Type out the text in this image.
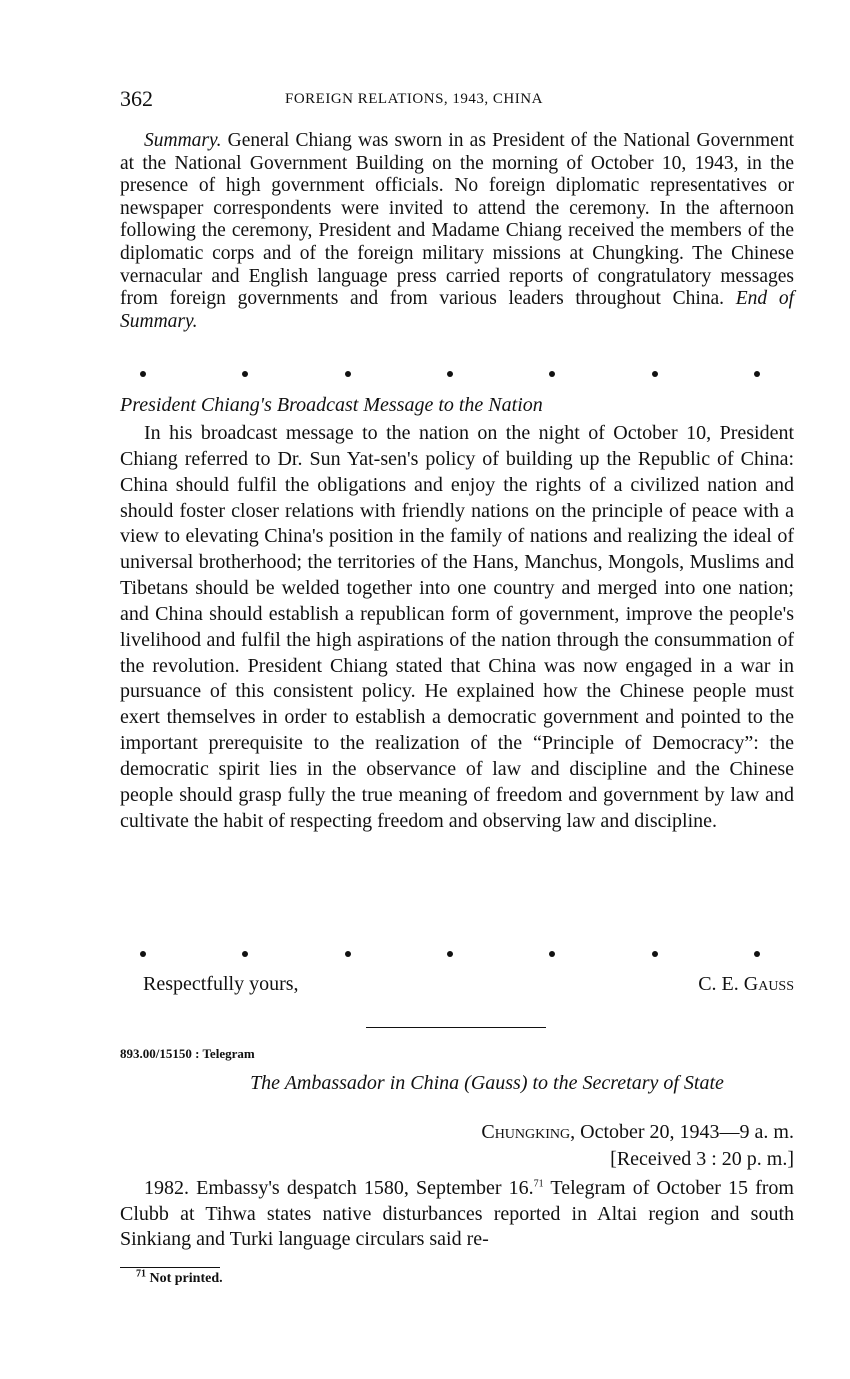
362	FOREIGN RELATIONS, 1943, CHINA

Summary. General Chiang was sworn in as President of the National Government at the National Government Building on the morning of October 10, 1943, in the presence of high government officials. No foreign diplomatic representatives or newspaper correspondents were invited to attend the ceremony. In the afternoon following the ceremony, President and Madame Chiang received the members of the diplomatic corps and of the foreign military missions at Chungking. The Chinese vernacular and English language press carried reports of congratulatory messages from foreign governments and from various leaders throughout China. End of Summary.

President Chiang's Broadcast Message to the Nation

In his broadcast message to the nation on the night of October 10, President Chiang referred to Dr. Sun Yat-sen's policy of building up the Republic of China: China should fulfil the obligations and enjoy the rights of a civilized nation and should foster closer relations with friendly nations on the principle of peace with a view to elevating China's position in the family of nations and realizing the ideal of universal brotherhood; the territories of the Hans, Manchus, Mongols, Muslims and Tibetans should be welded together into one country and merged into one nation; and China should establish a republican form of government, improve the people's livelihood and fulfil the high aspirations of the nation through the consummation of the revolution. President Chiang stated that China was now engaged in a war in pursuance of this consistent policy. He explained how the Chinese people must exert themselves in order to establish a democratic government and pointed to the important prerequisite to the realization of the “Principle of Democracy”: the democratic spirit lies in the observance of law and discipline and the Chinese people should grasp fully the true meaning of freedom and government by law and cultivate the habit of respecting freedom and observing law and discipline.

Respectfully yours,	C. E. Gauss
893.00/15150 : Telegram
The Ambassador in China (Gauss) to the Secretary of State
Chungking, October 20, 1943—9 a. m.
[Received 3 : 20 p. m.]

1982. Embassy's despatch 1580, September 16.71 Telegram of October 15 from Clubb at Tihwa states native disturbances reported in Altai region and south Sinkiang and Turki language circulars said re-

$^{71}$ Not printed.
